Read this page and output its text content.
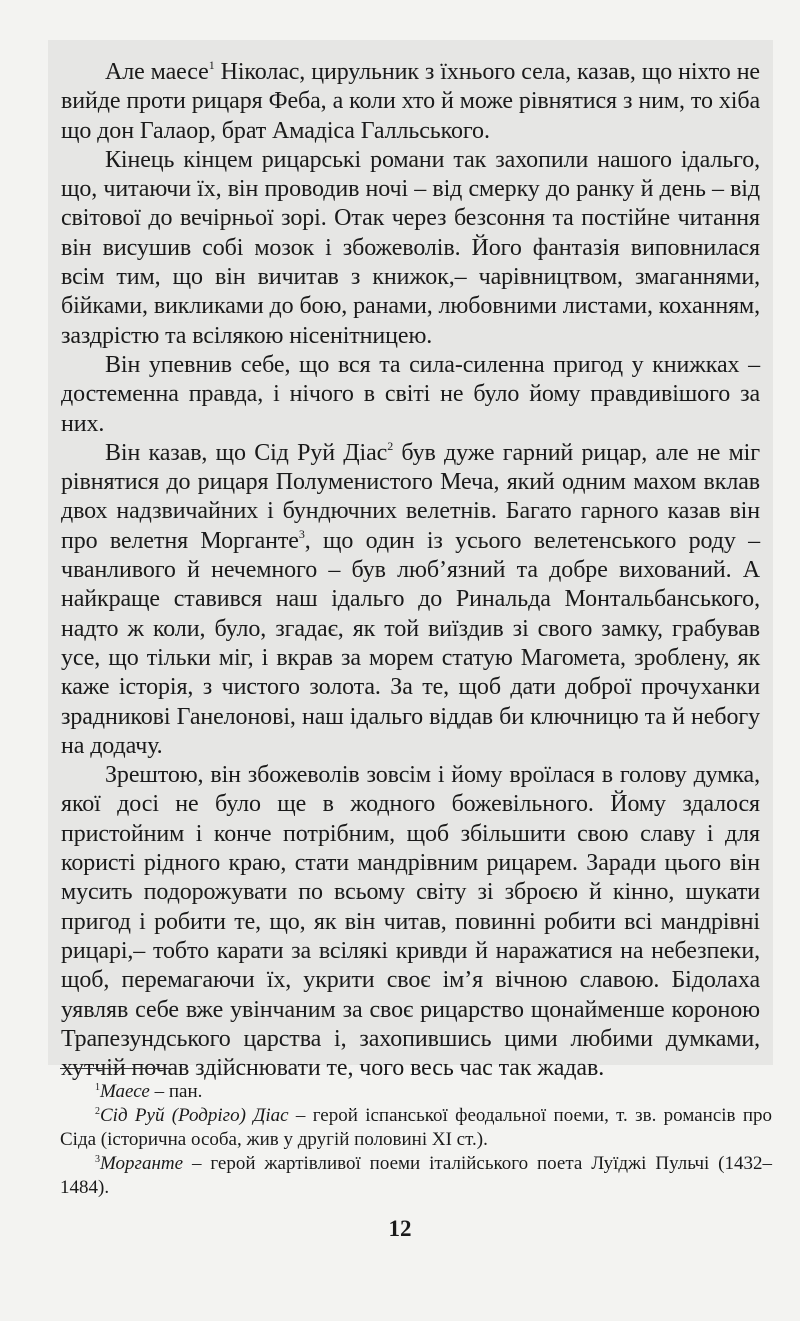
Але маесе$^1$ Ніколас, цирульник з їхнього села, казав, що ніхто не вийде проти рицаря Феба, а коли хто й може рівнятися з ним, то хіба що дон Галаор, брат Амадіса Галльського.

Кінець кінцем рицарські романи так захопили нашого ідальго, що, читаючи їх, він проводив ночі – від смерку до ранку й день – від світової до вечірньої зорі. Отак через безсоння та постійне читання він висушив собі мозок і збожеволів. Його фантазія виповнилася всім тим, що він вичитав з книжок,– чарівництвом, змаганнями, бійками, викликами до бою, ранами, любовними листами, коханням, заздрістю та всілякою нісенітницею.

Він упевнив себе, що вся та сила-силенна пригод у книжках – достеменна правда, і нічого в світі не було йому правдивішого за них.

Він казав, що Сід Руй Діас$^2$ був дуже гарний рицар, але не міг рівнятися до рицаря Полуменистого Меча, який одним махом вклав двох надзвичайних і бундючних велетнів. Багато гарного казав він про велетня Морганте$^3$, що один із усього велетенського роду – чванливого й нечемного – був люб’язний та добре вихований. А найкраще ставився наш ідальго до Ринальда Монтальбанського, надто ж коли, було, згадає, як той виїздив зі свого замку, грабував усе, що тільки міг, і вкрав за морем статую Магомета, зроблену, як каже історія, з чистого золота. За те, щоб дати доброї прочуханки зрадникові Ганелонові, наш ідальго віддав би ключницю та й небогу на додачу.

Зрештою, він збожеволів зовсім і йому вроїлася в голову думка, якої досі не було ще в жодного божевільного. Йому здалося пристойним і конче потрібним, щоб збільшити свою славу і для користі рідного краю, стати мандрівним рицарем. Заради цього він мусить подорожувати по всьому світу зі зброєю й кінно, шукати пригод і робити те, що, як він читав, повинні робити всі мандрівні рицарі,– тобто карати за всілякі кривди й наражатися на небезпеки, щоб, перемагаючи їх, укрити своє ім’я вічною славою. Бідолаха уявляв себе вже увінчаним за своє рицарство щонайменше короною Трапезундського царства і, захопившись цими любими думками, хутчій почав здійснювати те, чого весь час так жадав.

$^1$Маесе – пан.

$^2$Сід Руй (Родріго) Діас – герой іспанської феодальної поеми, т. зв. романсів про Сіда (історична особа, жив у другій половині XI ст.).

$^3$Морганте – герой жартівливої поеми італійського поета Луїджі Пульчі (1432–1484).

12
